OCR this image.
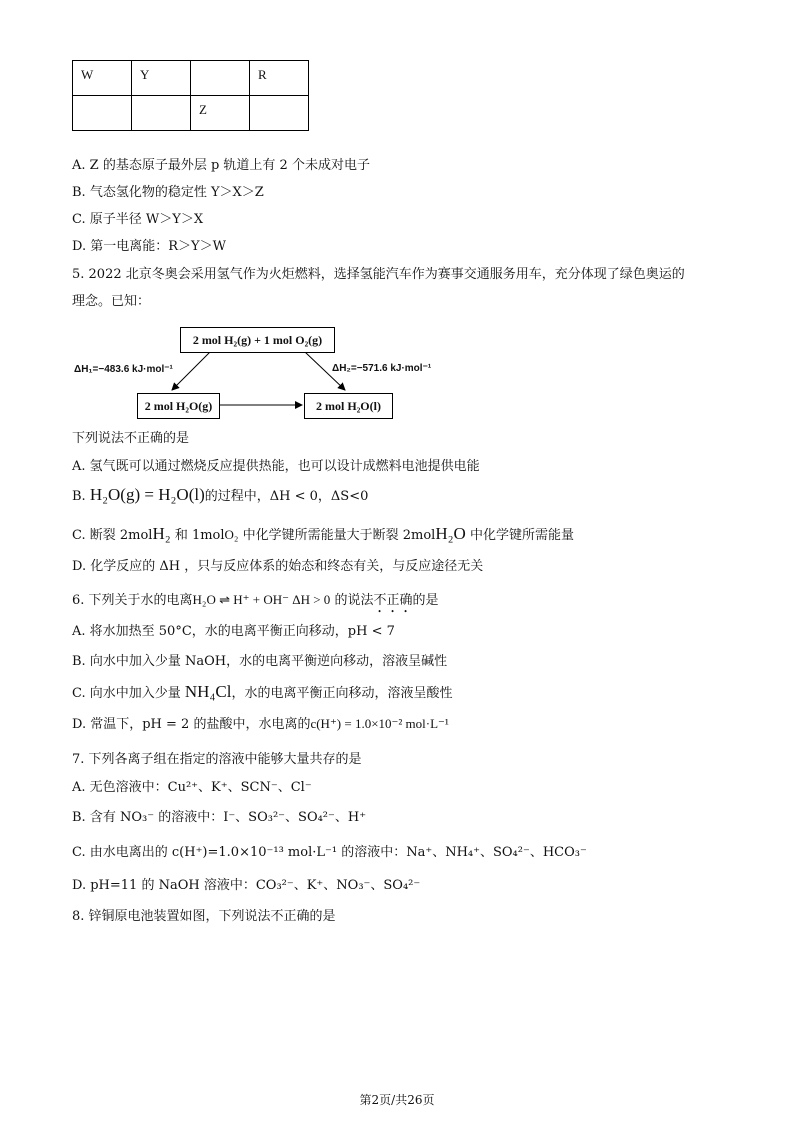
W	Y		R
		Z	
A. Z 的基态原子最外层 p 轨道上有 2 个未成对电子
B. 气态氢化物的稳定性 Y＞X＞Z
C. 原子半径 W＞Y＞X
D. 第一电离能：R＞Y＞W
5. 2022 北京冬奥会采用氢气作为火炬燃料，选择氢能汽车作为赛事交通服务用车，充分体现了绿色奥运的
理念。已知：
2 mol H₂(g) + 1 mol O₂(g)
2 mol H₂O(g)	2 mol H₂O(l)
ΔH₁=−483.6 kJ·mol⁻¹	ΔH₂=−571.6 kJ·mol⁻¹
下列说法不正确的是
A. 氢气既可以通过燃烧反应提供热能，也可以设计成燃料电池提供电能
B. H₂O(g) = H₂O(l)的过程中，ΔH < 0，ΔS<0
C. 断裂 2molH₂ 和 1molO₂ 中化学键所需能量大于断裂 2molH₂O 中化学键所需能量
D. 化学反应的 ΔH ，只与反应体系的始态和终态有关，与反应途径无关
6. 下列关于水的电离H₂O ⇌ H⁺ + OH⁻ ΔH > 0 的说法不正确的是
A. 将水加热至 50°C，水的电离平衡正向移动，pH < 7
B. 向水中加入少量 NaOH，水的电离平衡逆向移动，溶液呈碱性
C. 向水中加入少量 NH₄Cl，水的电离平衡正向移动，溶液呈酸性
D. 常温下，pH = 2 的盐酸中，水电离的c(H⁺) = 1.0×10⁻² mol·L⁻¹
7. 下列各离子组在指定的溶液中能够大量共存的是
A. 无色溶液中：Cu²⁺、K⁺、SCN⁻、Cl⁻
B. 含有 NO₃⁻ 的溶液中：I⁻、SO₃²⁻、SO₄²⁻、H⁺
C. 由水电离出的 c(H⁺)=1.0×10⁻¹³ mol·L⁻¹ 的溶液中：Na⁺、NH₄⁺、SO₄²⁻、HCO₃⁻
D. pH=11 的 NaOH 溶液中：CO₃²⁻、K⁺、NO₃⁻、SO₄²⁻
8. 锌铜原电池装置如图，下列说法不正确的是
第2页/共26页
